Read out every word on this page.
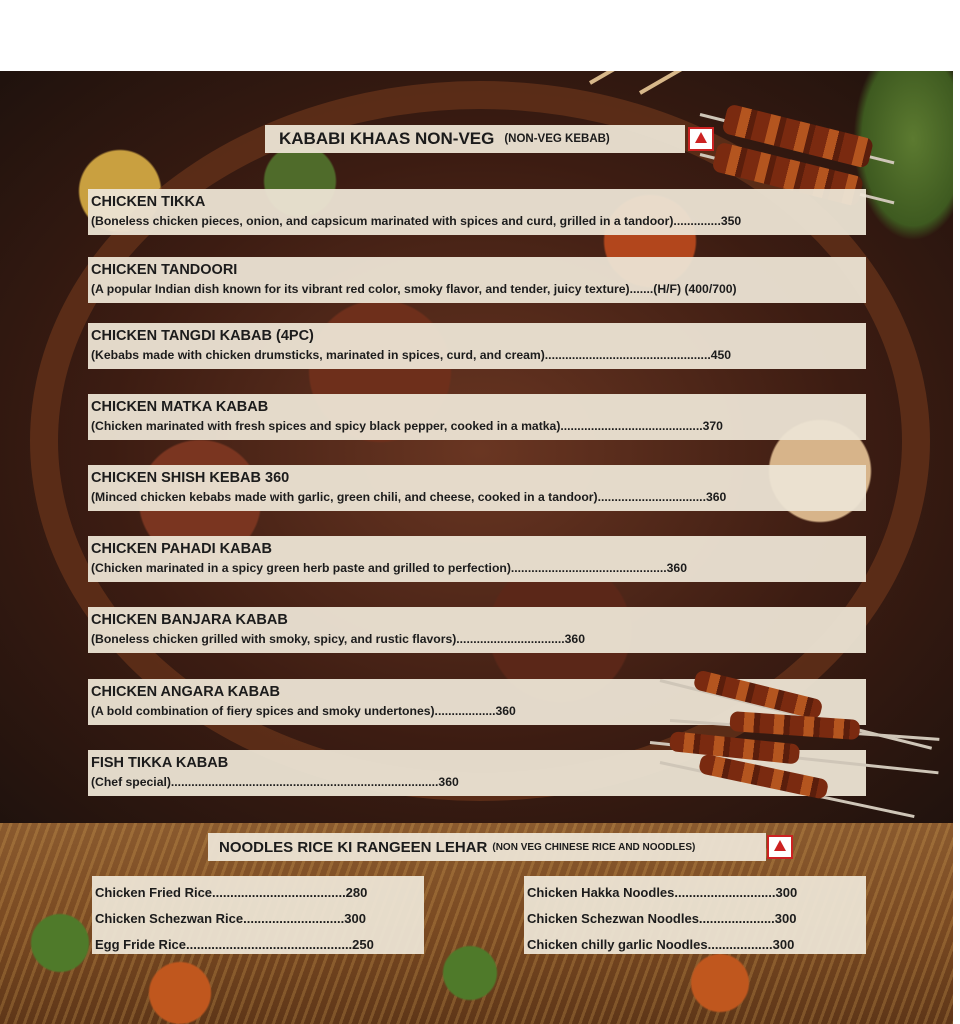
KABABI KHAAS NON-VEG (NON-VEG KEBAB)
CHICKEN TIKKA
(Boneless chicken pieces, onion, and capsicum marinated with spices and curd, grilled in a tandoor)..............350
CHICKEN TANDOORI
(A popular Indian dish known for its vibrant red color, smoky flavor, and tender, juicy texture).......(H/F) (400/700)
CHICKEN TANGDI KABAB (4PC)
(Kebabs made with chicken drumsticks, marinated in spices, curd, and cream).................................................450
CHICKEN MATKA KABAB
(Chicken marinated with fresh spices and spicy black pepper, cooked in a matka)..........................................370
CHICKEN SHISH KEBAB 360
(Minced chicken kebabs made with garlic, green chili, and cheese, cooked in a tandoor)................................360
CHICKEN PAHADI KABAB
(Chicken marinated in a spicy green herb paste and grilled to perfection)..............................................360
CHICKEN BANJARA KABAB
(Boneless chicken grilled with smoky, spicy, and rustic flavors)................................360
CHICKEN ANGARA KABAB
(A bold combination of fiery spices and smoky undertones)..................360
FISH TIKKA KABAB
(Chef special)...............................................................................360
NOODLES RICE KI RANGEEN LEHAR (NON VEG CHINESE RICE AND NOODLES)
Chicken Fried Rice.....................................280
Chicken Schezwan Rice............................300
Egg Fride Rice..............................................250
Chicken Hakka Noodles............................300
Chicken Schezwan Noodles.....................300
Chicken chilly garlic Noodles..................300
